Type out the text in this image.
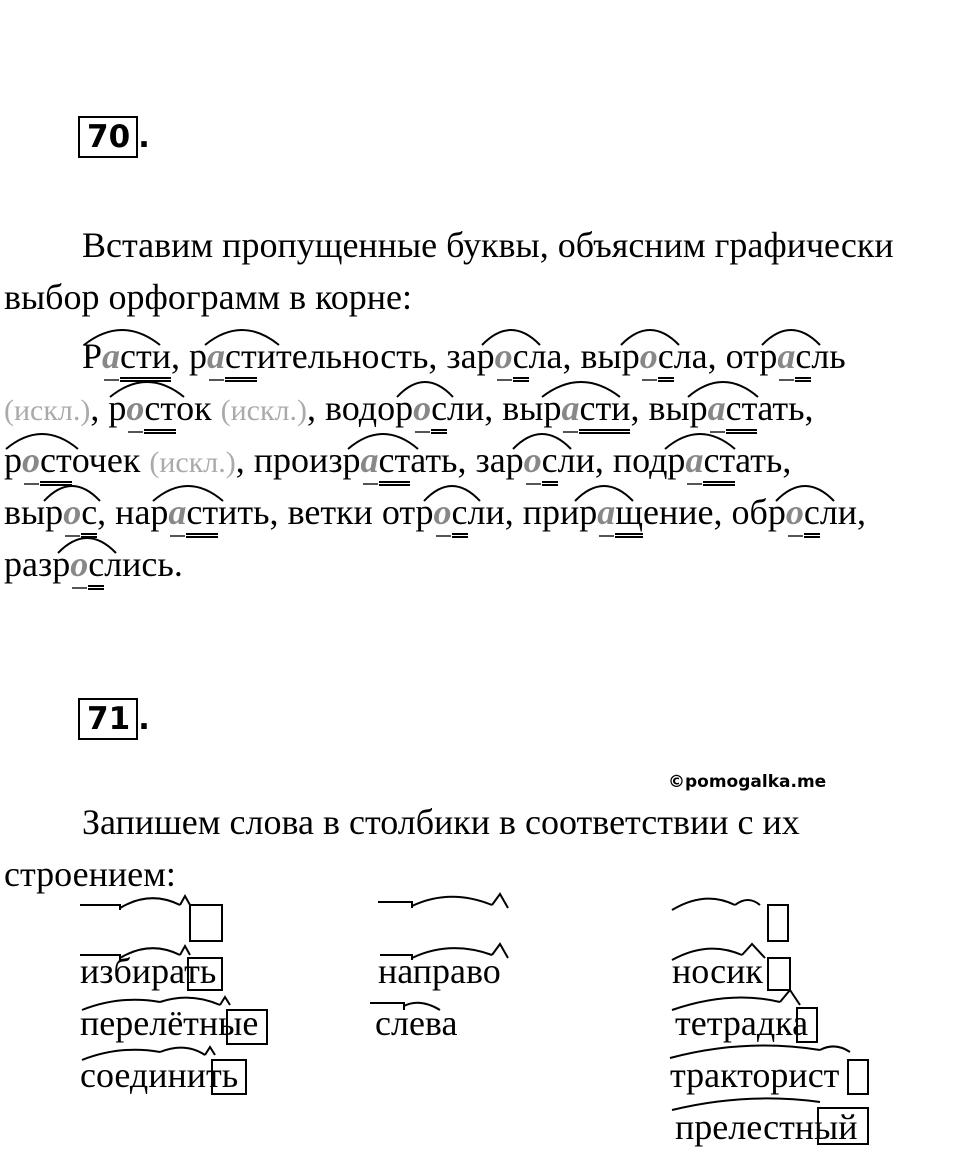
70 .

Вставим пропущенные буквы, объясним графически

выбор орфограмм в корне:

Расти, растительность, заросла, выросла, отрасль
(искл.), росток (искл.), водоросли, вырасти, вырастать,
росточек (искл.), произрастать, заросли, подрастать,
вырос, нарастить, ветки отросли, приращение, обросли,
разрослись.
71 .
©pomogalka.me

Запишем слова в столбики в соответствии с их

строением:

избирать
перелётные
соединить
направо
слева
носик
тетрадка
тракторист
прелестный
